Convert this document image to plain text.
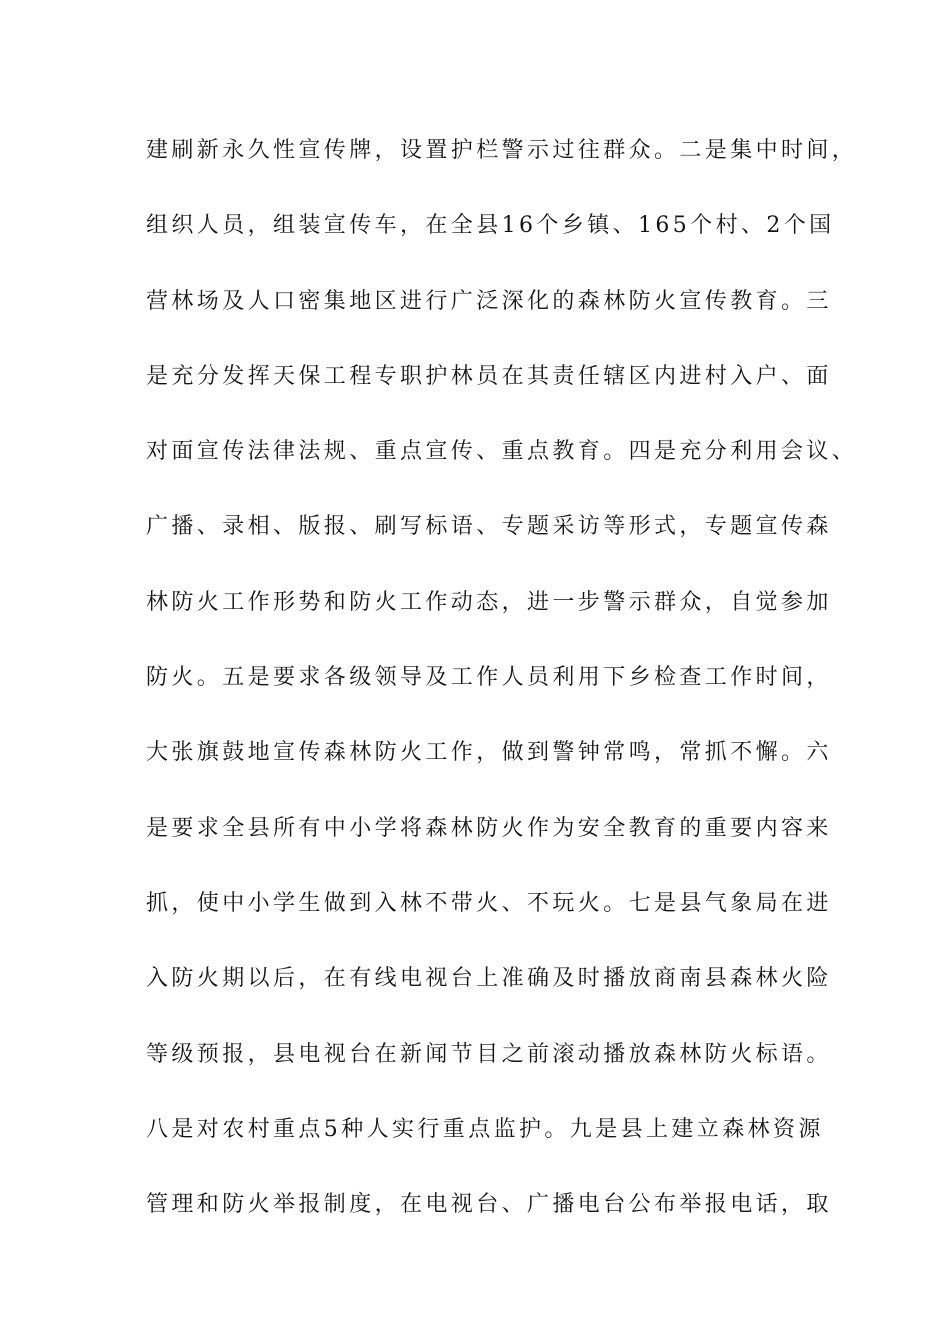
建刷新永久性宣传牌，设置护栏警示过往群众。二是集中时间，
组织人员，组装宣传车，在全县16个乡镇、165个村、2个国
营林场及人口密集地区进行广泛深化的森林防火宣传教育。三
是充分发挥天保工程专职护林员在其责任辖区内进村入户、面
对面宣传法律法规、重点宣传、重点教育。四是充分利用会议、
广播、录相、版报、刷写标语、专题采访等形式，专题宣传森
林防火工作形势和防火工作动态，进一步警示群众，自觉参加
防火。五是要求各级领导及工作人员利用下乡检查工作时间，
大张旗鼓地宣传森林防火工作，做到警钟常鸣，常抓不懈。六
是要求全县所有中小学将森林防火作为安全教育的重要内容来
抓，使中小学生做到入林不带火、不玩火。七是县气象局在进
入防火期以后，在有线电视台上准确及时播放商南县森林火险
等级预报，县电视台在新闻节目之前滚动播放森林防火标语。
八是对农村重点5种人实行重点监护。九是县上建立森林资源
管理和防火举报制度，在电视台、广播电台公布举报电话，取
